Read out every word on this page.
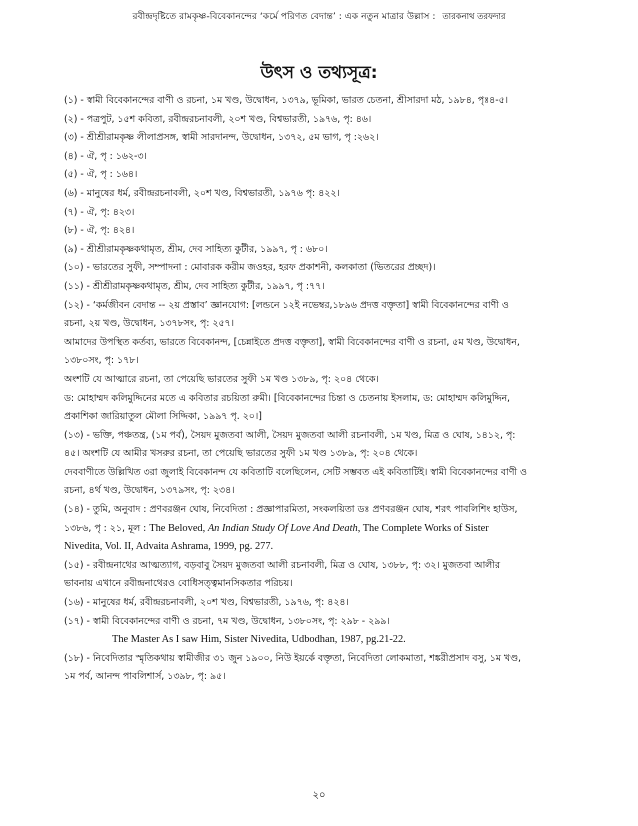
রবীন্দ্রদৃষ্টিতে রামকৃষ্ণ-বিবেকানন্দের ‘কর্মে পরিণত বেদান্ত’ : এক নতুন মাত্রার উল্লাস : তারকনাথ তরফদার
উৎস ও তথ্যসূত্র:
(১) - স্বামী বিবেকানন্দের বাণী ও রচনা, ১ম খণ্ড, উদ্বোধন, ১৩৭৯, ভূমিকা, ভারত চেতনা, শ্রীসারদা মঠ, ১৯৮৪, পৃঃ৪-৫।
(২) - পত্রপুট, ১৫শ কবিতা, রবীন্দ্ররচনাবলী, ২০শ খণ্ড, বিশ্বভারতী, ১৯৭৬, পৃ: ৪৬।
(৩) - শ্রীশ্রীরামকৃষ্ণ লীলাপ্রসঙ্গ, স্বামী সারদানন্দ, উদ্বোধন, ১৩৭২, ৫ম ভাগ, পৃ :২৬২।
(৪) - ঐ, পৃ : ১৬২-৩।
(৫) - ঐ, পৃ : ১৬৪।
(৬) - মানুষের ধর্ম, রবীন্দ্ররচনাবলী, ২০শ খণ্ড, বিশ্বভারতী, ১৯৭৬ পৃ: ৪২২।
(৭) - ঐ, পৃ: ৪২৩।
(৮) - ঐ, পৃ: ৪২৪।
(৯) - শ্রীশ্রীরামকৃষ্ণকথামৃত, শ্রীম, দেব সাহিত্য কুটীর, ১৯৯৭, পৃ : ৬৮০।
(১০) - ভারতের সুফী, সম্পাদনা : মোবারক করীম জওহর, হরফ প্রকাশনী, কলকাতা (ভিতরের প্রচ্ছদ)।
(১১) - শ্রীশ্রীরামকৃষ্ণকথামৃত, শ্রীম, দেব সাহিত্য কুটীর, ১৯৯৭, পৃ :৭৭।
(১২) - ‘কর্মজীবন বেদান্ত -- ২য় প্রস্তাব’ জ্ঞানযোগ: [লন্ডনে ১২ই নভেম্বর,১৮৯৬ প্রদত্ত বক্তৃতা] স্বামী বিবেকানন্দের বাণী ও
রচনা, ২য় খণ্ড, উদ্বোধন, ১৩৭৮সং, পৃ: ২৫৭।
আমাদের উপস্থিত কর্তব্য, ভারতে বিবেকানন্দ, [চেন্নাইতে প্রদত্ত বক্তৃতা], স্বামী বিবেকানন্দের বাণী ও রচনা, ৫ম খণ্ড, উদ্বোধন,
১৩৮০সং, পৃ: ১৭৮।
অংশটি যে আত্মারে রচনা, তা পেয়েছি ভারতের সুফী ১ম খণ্ড ১৩৮৯, পৃ: ২০৪ থেকে।
ড: মোহাম্মদ কলিমুদ্দিনের মতে এ কবিতার রচয়িতা রুমী। [বিবেকানন্দের চিন্তা ও চেতনায় ইসলাম, ড: মোহাম্মদ কলিমুদ্দিন,
প্রকাশিকা জারিয়াতুল মৌলা সিদ্দিকা, ১৯৯৭ পৃ. ২০।]
(১৩) - ভক্তি, পঞ্চতন্ত্র, (১ম পর্ব), সৈয়দ মুজতবা আলী, সৈয়দ মুজতবা আলী রচনাবলী, ১ম খণ্ড, মিত্র ও ঘোষ, ১৪১২, পৃ:
৪৫। অংশটি যে আমীর খসরুর রচনা, তা পেয়েছি ভারতের সুফী ১ম খণ্ড ১৩৮৯, পৃ: ২০৪ থেকে।
দেববাণীতে উল্লিখিত ৩রা জুলাই বিবেকানন্দ যে কবিতাটি বলেছিলেন, সেটি সম্ভবত এই কবিতাটিই। স্বামী বিবেকানন্দের বাণী ও
রচনা, ৪র্থ খণ্ড, উদ্বোধন, ১৩৭৯সং, পৃ: ২৩৪।
(১৪) - তুমি, অনুবাদ : প্রণবরঞ্জন ঘোষ, নিবেদিতা : প্রজ্ঞাপারমিতা, সংকলয়িতা ডঃ প্রণবরঞ্জন ঘোষ, শরৎ পাবলিশিং হাউস,
১৩৮৬, পৃ : ২১, মূল : The Beloved, An Indian Study Of Love And Death, The Complete Works of Sister
Nivedita, Vol. II, Advaita Ashrama, 1999, pg. 277.
(১৫) - রবীন্দ্রনাথের আত্মত্যাগ, বড়বাবু সৈয়দ মুজতবা আলী রচনাবলী, মিত্র ও ঘোষ, ১৩৮৮, পৃ: ৩২। মুজতবা আলীর
ভাবনায় এখানে রবীন্দ্রনাথেরও বোধিসত্ত্বমানসিকতার পরিচয়।
(১৬) - মানুষের ধর্ম, রবীন্দ্ররচনাবলী, ২০শ খণ্ড, বিশ্বভারতী, ১৯৭৬, পৃ: ৪২৪।
(১৭) - স্বামী বিবেকানন্দের বাণী ও রচনা, ৭ম খণ্ড, উদ্বোধন, ১৩৮০সং, পৃ: ২৯৮ - ২৯৯।
The Master As I saw Him, Sister Nivedita, Udbodhan, 1987, pg.21-22.
(১৮) - নিবেদিতার স্মৃতিকথায় স্বামীজীর ৩১ জুন ১৯০০, নিউ ইয়র্কে বক্তৃতা, নিবেদিতা লোকমাতা, শঙ্করীপ্রসাদ বসু, ১ম খণ্ড,
১ম পর্ব, আনন্দ পাবলিশার্স, ১৩৯৮, পৃ: ৯৫।
২০
